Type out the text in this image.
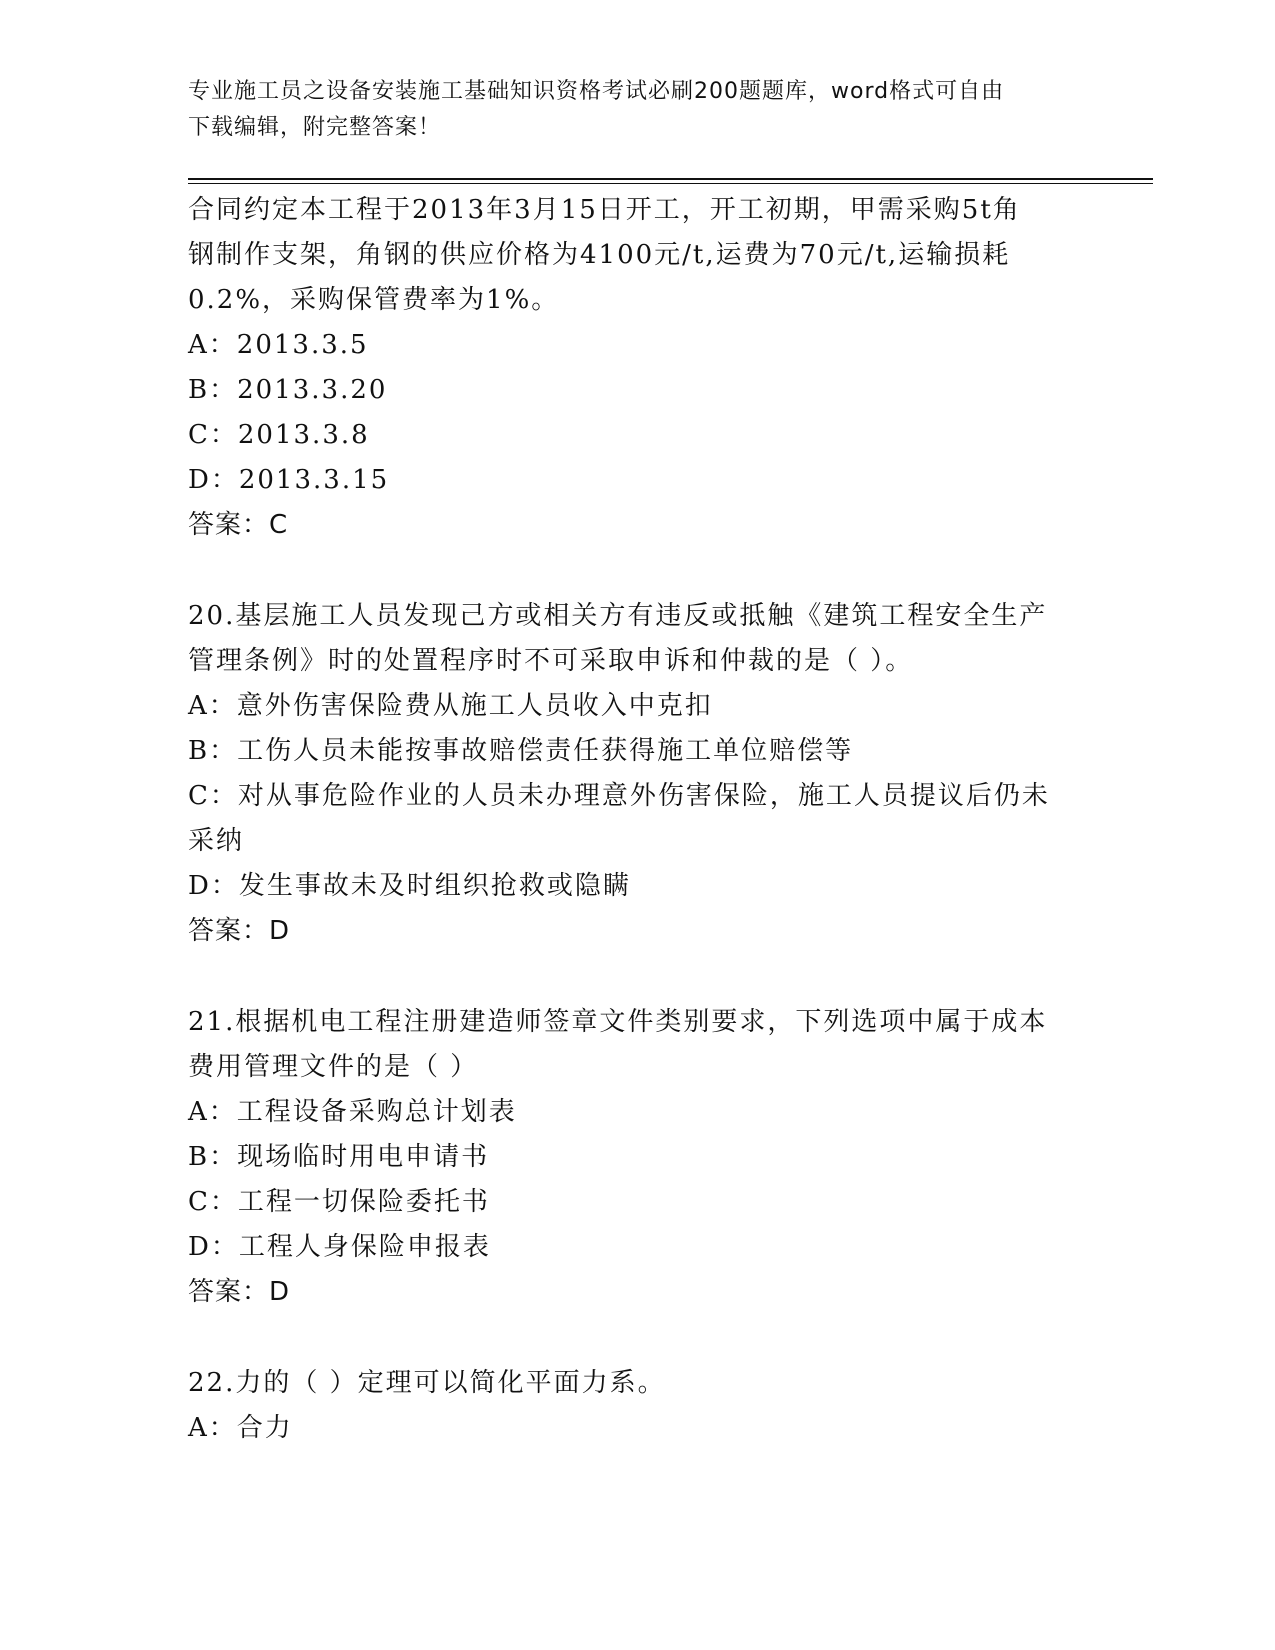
专业施工员之设备安装施工基础知识资格考试必刷200题题库，word格式可自由
下载编辑，附完整答案！
合同约定本工程于2013年3月15日开工，开工初期，甲需采购5t角
钢制作支架，角钢的供应价格为4100元/t,运费为70元/t,运输损耗
0.2%，采购保管费率为1%。
A：2013.3.5
B：2013.3.20
C：2013.3.8
D：2013.3.15
答案：C
20.基层施工人员发现己方或相关方有违反或抵触《建筑工程安全生产
管理条例》时的处置程序时不可采取申诉和仲裁的是（ ）。
A：意外伤害保险费从施工人员收入中克扣
B：工伤人员未能按事故赔偿责任获得施工单位赔偿等
C：对从事危险作业的人员未办理意外伤害保险，施工人员提议后仍未
采纳
D：发生事故未及时组织抢救或隐瞒
答案：D
21.根据机电工程注册建造师签章文件类别要求，下列选项中属于成本
费用管理文件的是（ ）
A：工程设备采购总计划表
B：现场临时用电申请书
C：工程一切保险委托书
D：工程人身保险申报表
答案：D
22.力的（ ）定理可以简化平面力系。
A：合力
